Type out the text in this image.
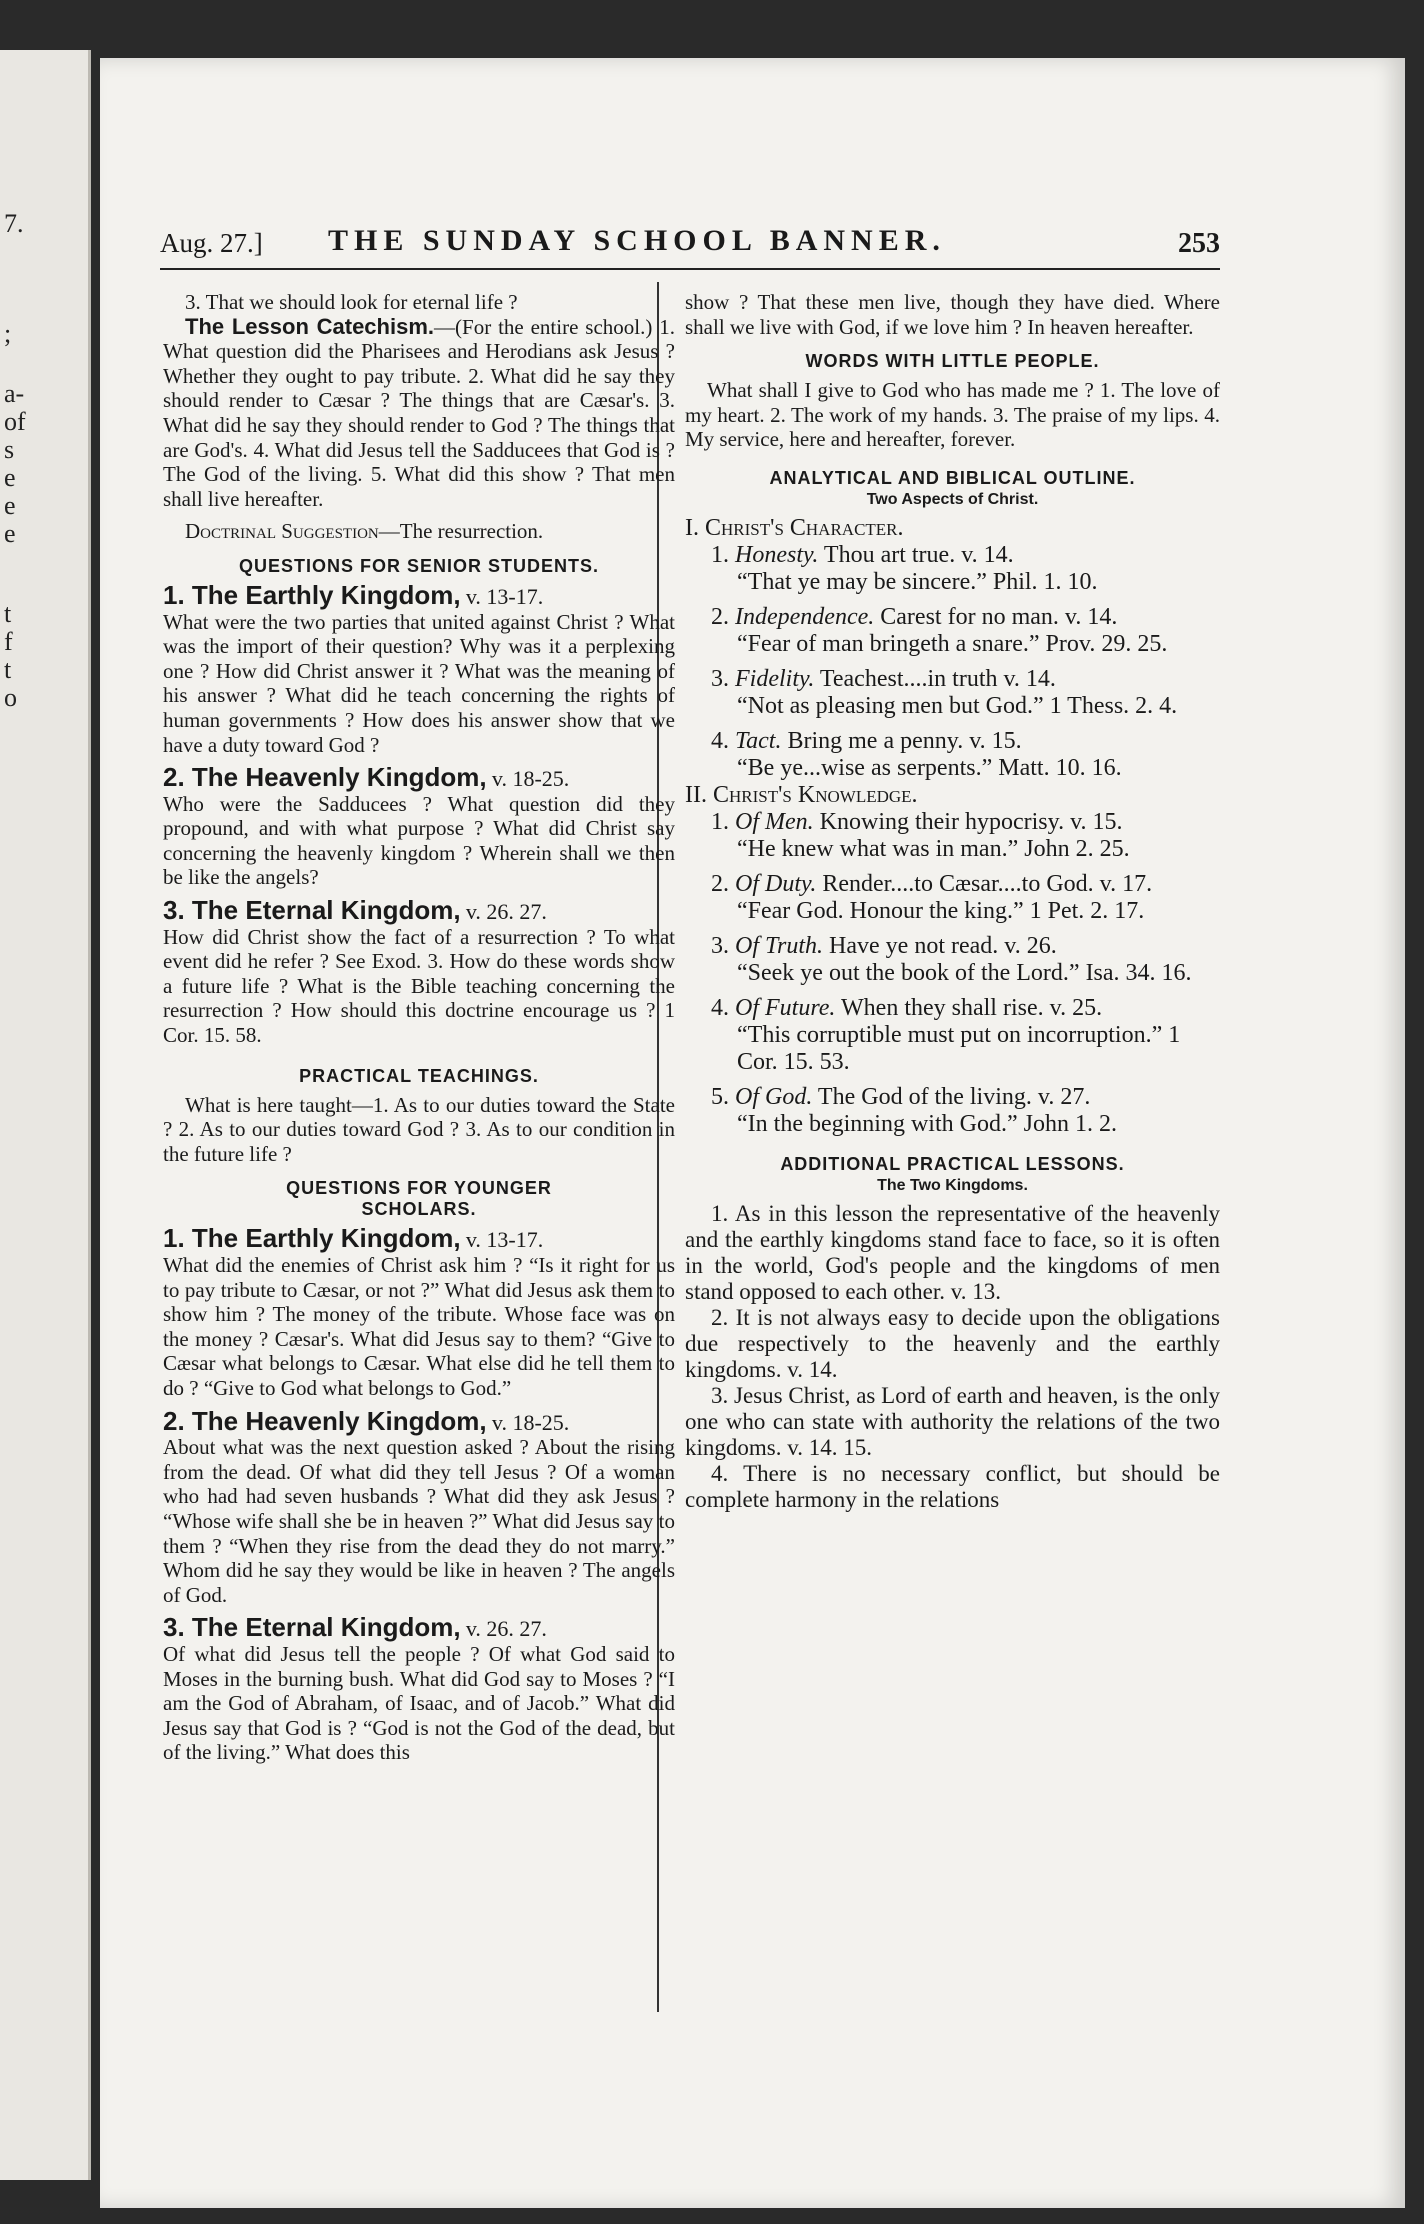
7.
;
a-
of
s
e
e
e
t
f
t
o
Aug. 27.] THE SUNDAY SCHOOL BANNER.	253

3. That we should look for eternal life ?

The Lesson Catechism.—(For the entire school.) 1. What question did the Pharisees and Herodians ask Jesus ? Whether they ought to pay tribute. 2. What did he say they should render to Cæsar ? The things that are Cæsar's. 3. What did he say they should render to God ? The things that are God's. 4. What did Jesus tell the Sadducees that God is ? The God of the living. 5. What did this show ? That men shall live hereafter.

Doctrinal Suggestion—The resurrection.

QUESTIONS FOR SENIOR STUDENTS.

1. The Earthly Kingdom, v. 13-17.
What were the two parties that united against Christ ? What was the import of their question? Why was it a perplexing one ? How did Christ answer it ? What was the meaning of his answer ? What did he teach concerning the rights of human governments ? How does his answer show that we have a duty toward God ?

2. The Heavenly Kingdom, v. 18-25.
Who were the Sadducees ? What question did they propound, and with what purpose ? What did Christ say concerning the heavenly kingdom ? Wherein shall we then be like the angels?

3. The Eternal Kingdom, v. 26. 27.
How did Christ show the fact of a resurrection ? To what event did he refer ? See Exod. 3. How do these words show a future life ? What is the Bible teaching concerning the resurrection ? How should this doctrine encourage us ? 1 Cor. 15. 58.

PRACTICAL TEACHINGS.

What is here taught—1. As to our duties toward the State ? 2. As to our duties toward God ? 3. As to our condition in the future life ?

QUESTIONS FOR YOUNGER
SCHOLARS.

1. The Earthly Kingdom, v. 13-17.
What did the enemies of Christ ask him ? “Is it right for us to pay tribute to Cæsar, or not ?” What did Jesus ask them to show him ? The money of the tribute. Whose face was on the money ? Cæsar's. What did Jesus say to them? “Give to Cæsar what belongs to Cæsar. What else did he tell them to do ? “Give to God what belongs to God.”

2. The Heavenly Kingdom, v. 18-25.
About what was the next question asked ? About the rising from the dead. Of what did they tell Jesus ? Of a woman who had had seven husbands ? What did they ask Jesus ? “Whose wife shall she be in heaven ?” What did Jesus say to them ? “When they rise from the dead they do not marry.” Whom did he say they would be like in heaven ? The angels of God.

3. The Eternal Kingdom, v. 26. 27.
Of what did Jesus tell the people ? Of what God said to Moses in the burning bush. What did God say to Moses ? “I am the God of Abraham, of Isaac, and of Jacob.” What did Jesus say that God is ? “God is not the God of the dead, but of the living.” What does this

show ? That these men live, though they have died. Where shall we live with God, if we love him ? In heaven hereafter.

WORDS WITH LITTLE PEOPLE.

What shall I give to God who has made me ? 1. The love of my heart. 2. The work of my hands. 3. The praise of my lips. 4. My service, here and hereafter, forever.

ANALYTICAL AND BIBLICAL OUTLINE.
Two Aspects of Christ.

I. Christ's Character.

1. Honesty. Thou art true. v. 14.

“That ye may be sincere.” Phil. 1. 10.

2. Independence. Carest for no man. v. 14.

“Fear of man bringeth a snare.” Prov. 29. 25.

3. Fidelity. Teachest....in truth v. 14.

“Not as pleasing men but God.” 1 Thess. 2. 4.

4. Tact. Bring me a penny. v. 15.

“Be ye...wise as serpents.” Matt. 10. 16.

II. Christ's Knowledge.

1. Of Men. Knowing their hypocrisy. v. 15.

“He knew what was in man.” John 2. 25.

2. Of Duty. Render....to Cæsar....to God. v. 17.

“Fear God. Honour the king.” 1 Pet. 2. 17.

3. Of Truth. Have ye not read. v. 26.

“Seek ye out the book of the Lord.” Isa. 34. 16.

4. Of Future. When they shall rise. v. 25.

“This corruptible must put on incorruption.” 1 Cor. 15. 53.

5. Of God. The God of the living. v. 27.

“In the beginning with God.” John 1. 2.

ADDITIONAL PRACTICAL LESSONS.
The Two Kingdoms.

1. As in this lesson the representative of the heavenly and the earthly kingdoms stand face to face, so it is often in the world, God's people and the kingdoms of men stand opposed to each other. v. 13.

2. It is not always easy to decide upon the obligations due respectively to the heavenly and the earthly kingdoms. v. 14.

3. Jesus Christ, as Lord of earth and heaven, is the only one who can state with authority the relations of the two kingdoms. v. 14. 15.

4. There is no necessary conflict, but should be complete harmony in the relations
